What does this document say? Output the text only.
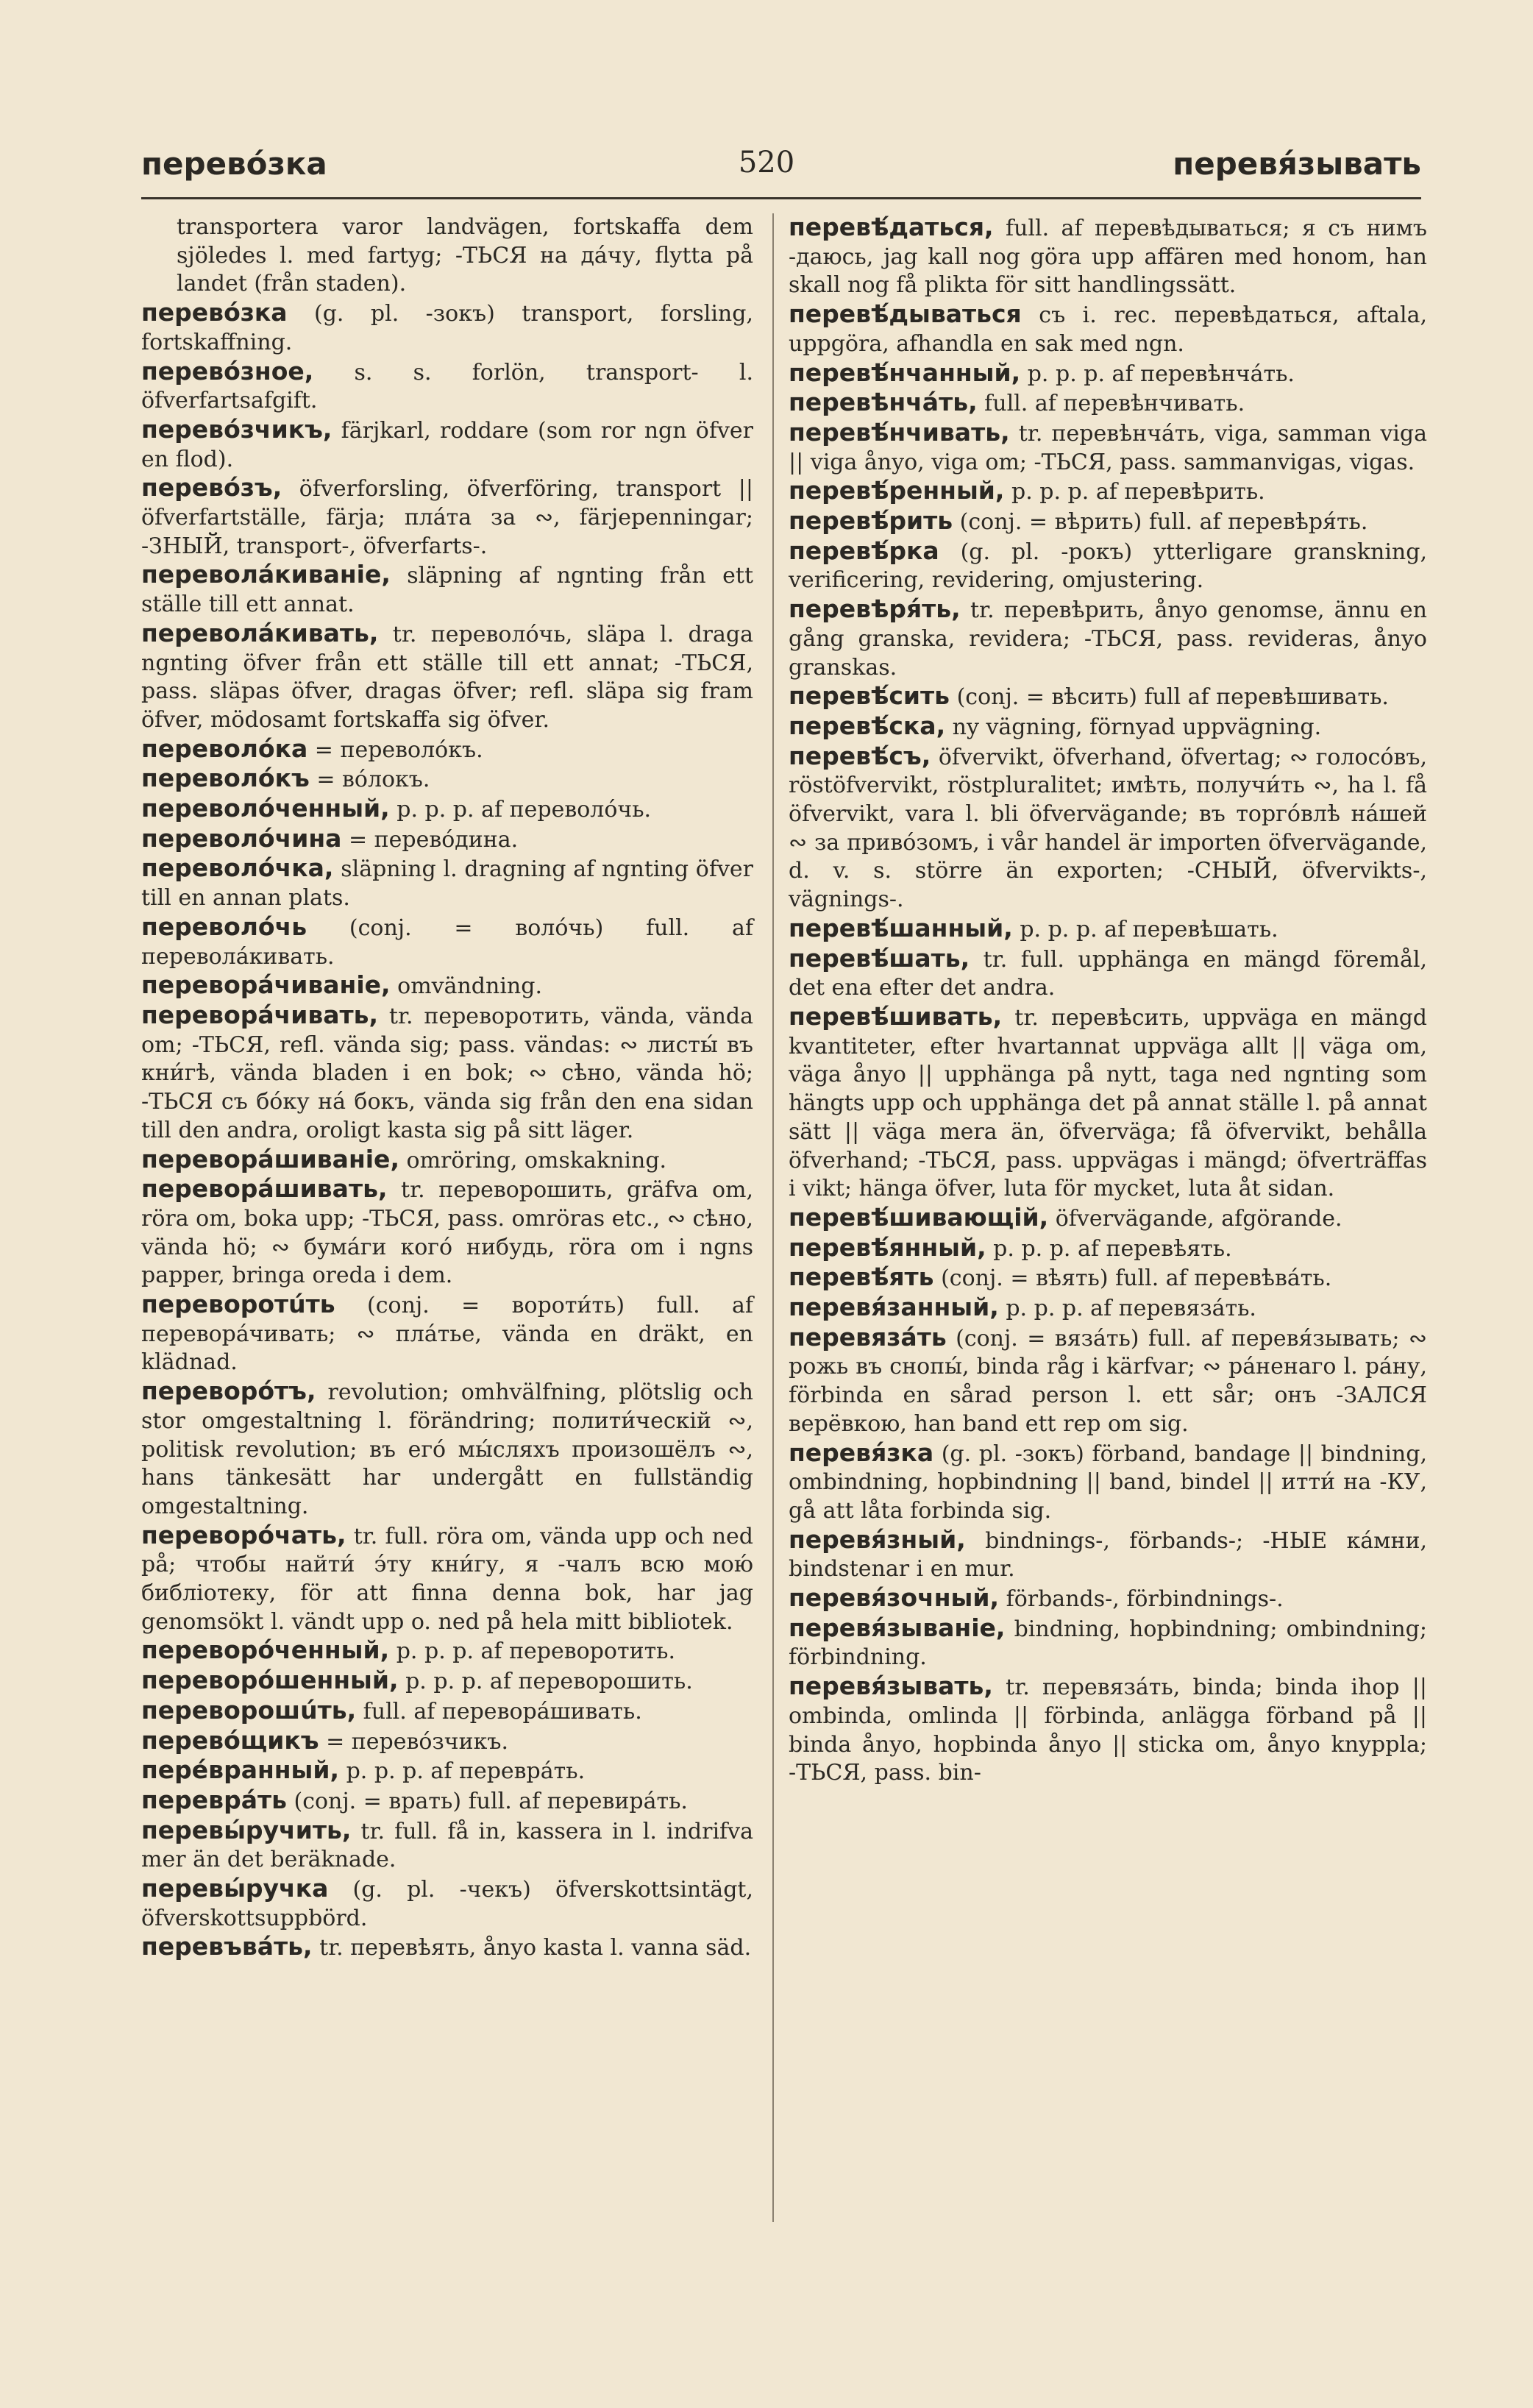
перевóзка	520	перевя́зывать

transportera varor landvägen, fortskaffa dem sjöledes l. med fartyg; -ТЬСЯ на да́чу, flytta på landet (från staden).

перевóзка (g. pl. -зокъ) transport, forsling, fortskaffning.

перевóзное, s. s. forlön, transport- l. öfverfartsafgift.

перевóзчикъ, färjkarl, roddare (som ror ngn öfver en flod).

перевóзъ, öfverforsling, öfverföring, transport || öfverfartställe, färja; пла́та за ∾, färjepenningar; -ЗНЫЙ, transport-, öfverfarts-.

переволáкиваніе, släpning af ngnting från ett ställe till ett annat.

переволáкивать, tr. переволо́чь, släpa l. draga ngnting öfver från ett ställe till ett annat; -ТЬСЯ, pass. släpas öfver, dragas öfver; refl. släpa sig fram öfver, mödosamt fortskaffa sig öfver.

переволóка = переволо́къ.

переволóкъ = во́локъ.

переволóченный, p. p. p. af переволо́чь.

переволóчина = перево́дина.

переволóчка, släpning l. dragning af ngnting öfver till en annan plats.

переволóчь (conj. = воло́чь) full. af переволáкивать.

переворáчиваніе, omvändning.

переворáчивать, tr. переворотить, vända, vända om; -ТЬСЯ, refl. vända sig; pass. vändas: ∾ листы́ въ кни́гѣ, vända bladen i en bok; ∾ сѣно, vända hö; -ТЬСЯ съ бо́ку на́ бокъ, vända sig från den ena sidan till den andra, oroligt kasta sig på sitt läger.

переворáшиваніе, omröring, omskakning.

переворáшивать, tr. переворошить, gräfva om, röra om, boka upp; -ТЬСЯ, pass. omröras etc., ∾ сѣно, vända hö; ∾ бума́ги кого́ нибудь, röra om i ngns papper, bringa oreda i dem.

переворотúть (conj. = вороти́ть) full. af переворáчивать; ∾ пла́тье, vända en dräkt, en klädnad.

переворóтъ, revolution; omhvälfning, plötslig och stor omgestaltning l. förändring; полити́ческій ∾, politisk revolution; въ его́ мы́сляхъ произошёлъ ∾, hans tänkesätt har undergått en fullständig omgestaltning.

переворóчать, tr. full. röra om, vända upp och ned på; чтобы найти́ э́ту кни́гу, я -чалъ всю мою́ библіотеку, för att finna denna bok, har jag genomsökt l. vändt upp o. ned på hela mitt bibliotek.

переворóченный, p. p. p. af переворотить.

переворóшенный, p. p. p. af переворошить.

переворошúть, full. af переворáшивать.

перевóщикъ = перево́зчикъ.

перéвранный, p. p. p. af переврáть.

переврáть (conj. = врать) full. af перевирáть.

перевы́ручить, tr. full. få in, kassera in l. indrifva mer än det beräknade.

перевы́ручка (g. pl. -чекъ) öfverskottsintägt, öfverskottsuppbörd.

перевъвáть, tr. перевѣять, ånyo kasta l. vanna säd.

перевѣ́даться, full. af перевѣдываться; я съ нимъ -даюсь, jag kall nog göra upp affären med honom, han skall nog få plikta för sitt handlingssätt.

перевѣ́дываться съ i. rec. перевѣдаться, aftala, uppgöra, afhandla en sak med ngn.

перевѣ́нчанный, p. p. p. af перевѣнча́ть.

перевѣнчáть, full. af перевѣнчивать.

перевѣ́нчивать, tr. перевѣнча́ть, viga, samman viga || viga ånyo, viga om; -ТЬСЯ, pass. sammanvigas, vigas.

перевѣ́ренный, p. p. p. af перевѣрить.

перевѣ́рить (conj. = вѣрить) full. af перевѣря́ть.

перевѣ́рка (g. pl. -рокъ) ytterligare granskning, verificering, revidering, omjustering.

перевѣря́ть, tr. перевѣрить, ånyo genomse, ännu en gång granska, revidera; -ТЬСЯ, pass. revideras, ånyo granskas.

перевѣ́сить (conj. = вѣсить) full af перевѣшивать.

перевѣ́ска, ny vägning, förnyad uppvägning.

перевѣ́съ, öfvervikt, öfverhand, öfvertag; ∾ голосо́въ, röstöfvervikt, röstpluralitet; имѣть, получи́ть ∾, ha l. få öfvervikt, vara l. bli öfvervägande; въ торго́влѣ на́шей ∾ за приво́зомъ, i vår handel är importen öfvervägande, d. v. s. större än exporten; -СНЫЙ, öfvervikts-, vägnings-.

перевѣ́шанный, p. p. p. af перевѣшать.

перевѣ́шать, tr. full. upphänga en mängd föremål, det ena efter det andra.

перевѣ́шивать, tr. перевѣсить, uppväga en mängd kvantiteter, efter hvartannat uppväga allt || väga om, väga ånyo || upphänga på nytt, taga ned ngnting som hängts upp och upphänga det på annat ställe l. på annat sätt || väga mera än, öfverväga; få öfvervikt, behålla öfverhand; -ТЬСЯ, pass. uppvägas i mängd; öfverträffas i vikt; hänga öfver, luta för mycket, luta åt sidan.

перевѣ́шивающій, öfvervägande, afgörande.

перевѣ́янный, p. p. p. af перевѣять.

перевѣ́ять (conj. = вѣять) full. af перевѣвáть.

перевя́занный, p. p. p. af перевязáть.

перевязáть (conj. = вязáть) full. af перевя́зывать; ∾ рожь въ снопы́, binda råg i kärfvar; ∾ ра́ненаго l. ра́ну, förbinda en sårad person l. ett sår; онъ -ЗАЛСЯ верёвкою, han band ett rep om sig.

перевя́зка (g. pl. -зокъ) förband, bandage || bindning, ombindning, hopbindning || band, bindel || итти́ на -КУ, gå att låta forbinda sig.

перевя́зный, bindnings-, förbands-; -НЫЕ ка́мни, bindstenar i en mur.

перевя́зочный, förbands-, förbindnings-.

перевя́зываніе, bindning, hopbindning; ombindning; förbindning.

перевя́зывать, tr. перевязáть, binda; binda ihop || ombinda, omlinda || förbinda, anlägga förband på || binda ånyo, hopbinda ånyo || sticka om, ånyo knyppla; -ТЬСЯ, pass. bin-
